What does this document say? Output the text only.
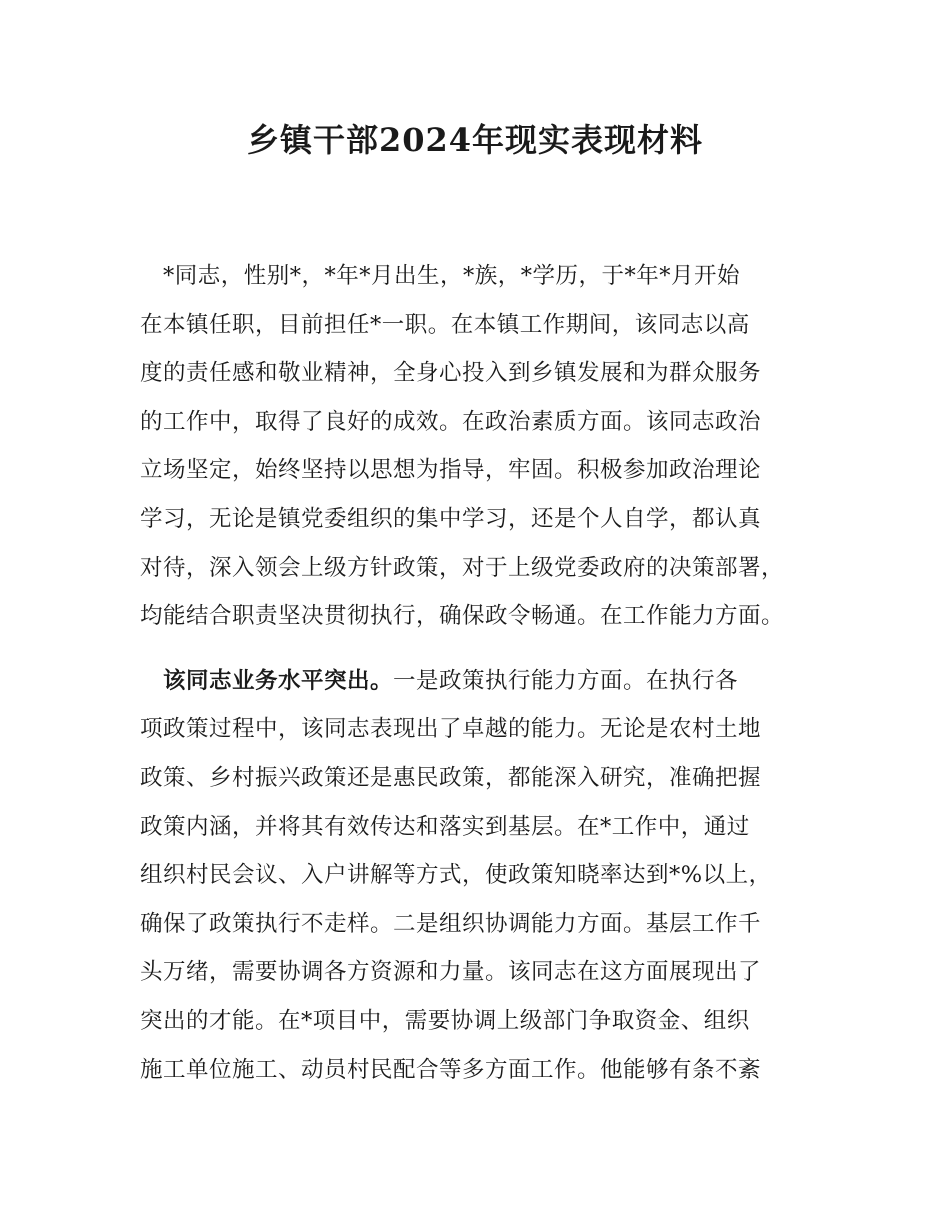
乡镇干部2024年现实表现材料
　*同志，性别*，*年*月出生，*族，*学历，于*年*月开始
在本镇任职，目前担任*一职。在本镇工作期间，该同志以高
度的责任感和敬业精神，全身心投入到乡镇发展和为群众服务
的工作中，取得了良好的成效。在政治素质方面。该同志政治
立场坚定，始终坚持以思想为指导，牢固。积极参加政治理论
学习，无论是镇党委组织的集中学习，还是个人自学，都认真
对待，深入领会上级方针政策，对于上级党委政府的决策部署，
均能结合职责坚决贯彻执行，确保政令畅通。在工作能力方面。
　该同志业务水平突出。一是政策执行能力方面。在执行各
项政策过程中，该同志表现出了卓越的能力。无论是农村土地
政策、乡村振兴政策还是惠民政策，都能深入研究，准确把握
政策内涵，并将其有效传达和落实到基层。在*工作中，通过
组织村民会议、入户讲解等方式，使政策知晓率达到*%以上，
确保了政策执行不走样。二是组织协调能力方面。基层工作千
头万绪，需要协调各方资源和力量。该同志在这方面展现出了
突出的才能。在*项目中，需要协调上级部门争取资金、组织
施工单位施工、动员村民配合等多方面工作。他能够有条不紊
